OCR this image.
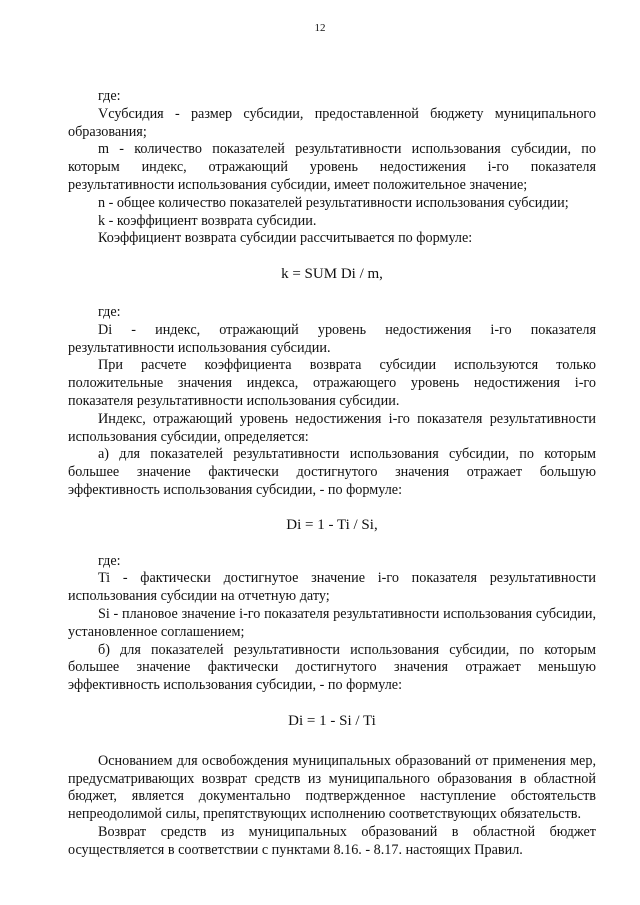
12

где:

Vсубсидия - размер субсидии, предоставленной бюджету муниципального образования;

m - количество показателей результативности использования субсидии, по которым индекс, отражающий уровень недостижения i-го показателя результативности использования субсидии, имеет положительное значение;

n - общее количество показателей результативности использования субсидии;

k - коэффициент возврата субсидии.

Коэффициент возврата субсидии рассчитывается по формуле:

k = SUM Di / m,

где:

Di - индекс, отражающий уровень недостижения i-го показателя результативности использования субсидии.

При расчете коэффициента возврата субсидии используются только положительные значения индекса, отражающего уровень недостижения i-го показателя результативности использования субсидии.

Индекс, отражающий уровень недостижения i-го показателя результативности использования субсидии, определяется:

а) для показателей результативности использования субсидии, по которым большее значение фактически достигнутого значения отражает большую эффективность использования субсидии, - по формуле:

Di = 1 - Ti / Si,

где:

Ti - фактически достигнутое значение i-го показателя результативности использования субсидии на отчетную дату;

Si - плановое значение i-го показателя результативности использования субсидии, установленное соглашением;

б) для показателей результативности использования субсидии, по которым большее значение фактически достигнутого значения отражает меньшую эффективность использования субсидии, - по формуле:

Di = 1 - Si / Ti

Основанием для освобождения муниципальных образований от применения мер, предусматривающих возврат средств из муниципального образования в областной бюджет, является документально подтвержденное наступление обстоятельств непреодолимой силы, препятствующих исполнению соответствующих обязательств.

Возврат средств из муниципальных образований в областной бюджет осуществляется в соответствии с пунктами 8.16. - 8.17. настоящих Правил.
